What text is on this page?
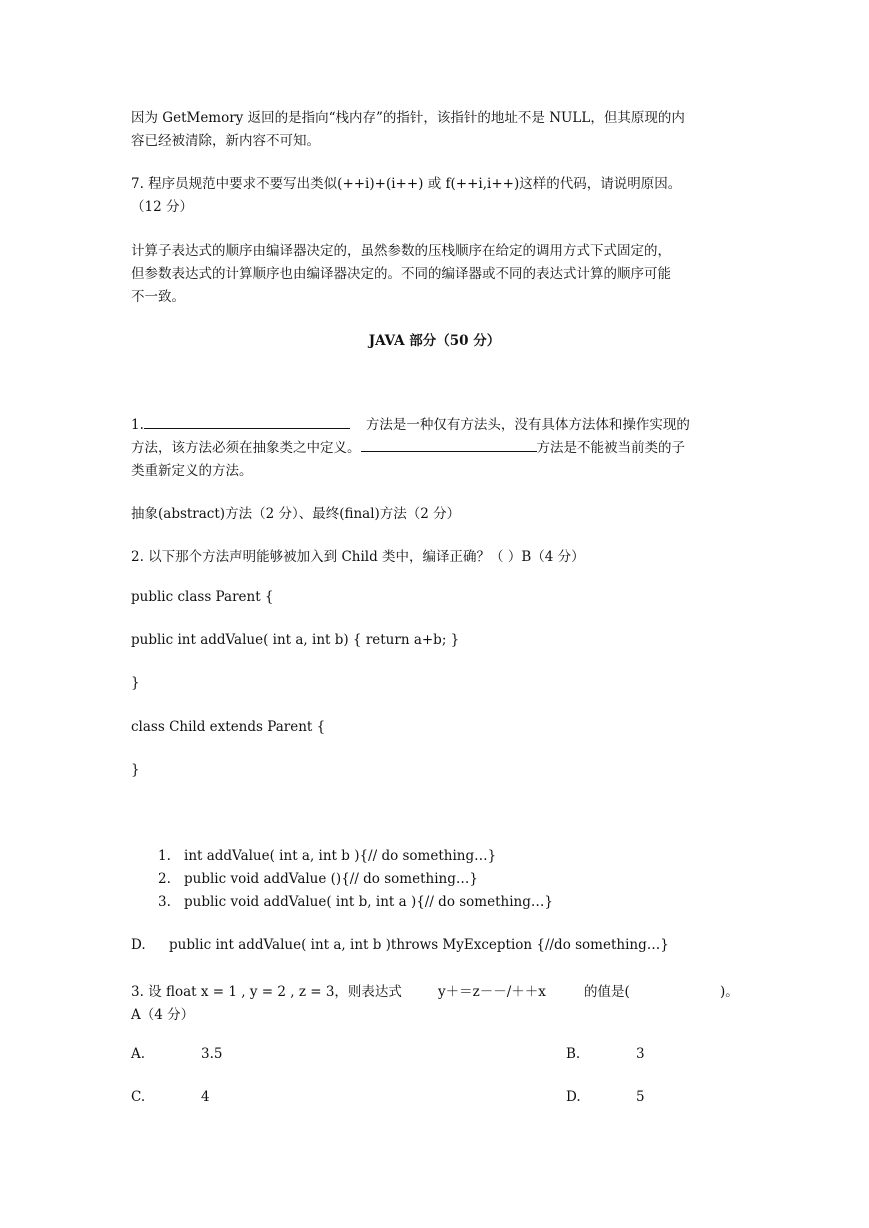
因为 GetMemory 返回的是指向“栈内存”的指针，该指针的地址不是 NULL，但其原现的内
容已经被清除，新内容不可知。
7. 程序员规范中要求不要写出类似(++i)+(i++) 或 f(++i,i++)这样的代码，请说明原因。
（12 分）
计算子表达式的顺序由编译器决定的，虽然参数的压栈顺序在给定的调用方式下式固定的，
但参数表达式的计算顺序也由编译器决定的。不同的编译器或不同的表达式计算的顺序可能
不一致。
JAVA 部分（50 分）
1.	方法是一种仅有方法头，没有具体方法体和操作实现的
方法，该方法必须在抽象类之中定义。	方法是不能被当前类的子
类重新定义的方法。
抽象(abstract)方法（2 分）、最终(final)方法（2 分）
2. 以下那个方法声明能够被加入到 Child 类中，编译正确？（ ）B（4 分）
public class Parent {
public int addValue( int a, int b) { return a+b; }
}
class Child extends Parent {
}
1. int addValue( int a, int b ){// do something…}
2. public void addValue (){// do something…}
3. public void addValue( int b, int a ){// do something…}
D. public int addValue( int a, int b )throws MyException {//do something…}
3. 设 float x = 1 , y = 2 , z = 3，则表达式	y＋＝z－－/＋＋x	的值是(	)。
A（4 分）
A.	3.5	B.	3
C.	4	D.	5
